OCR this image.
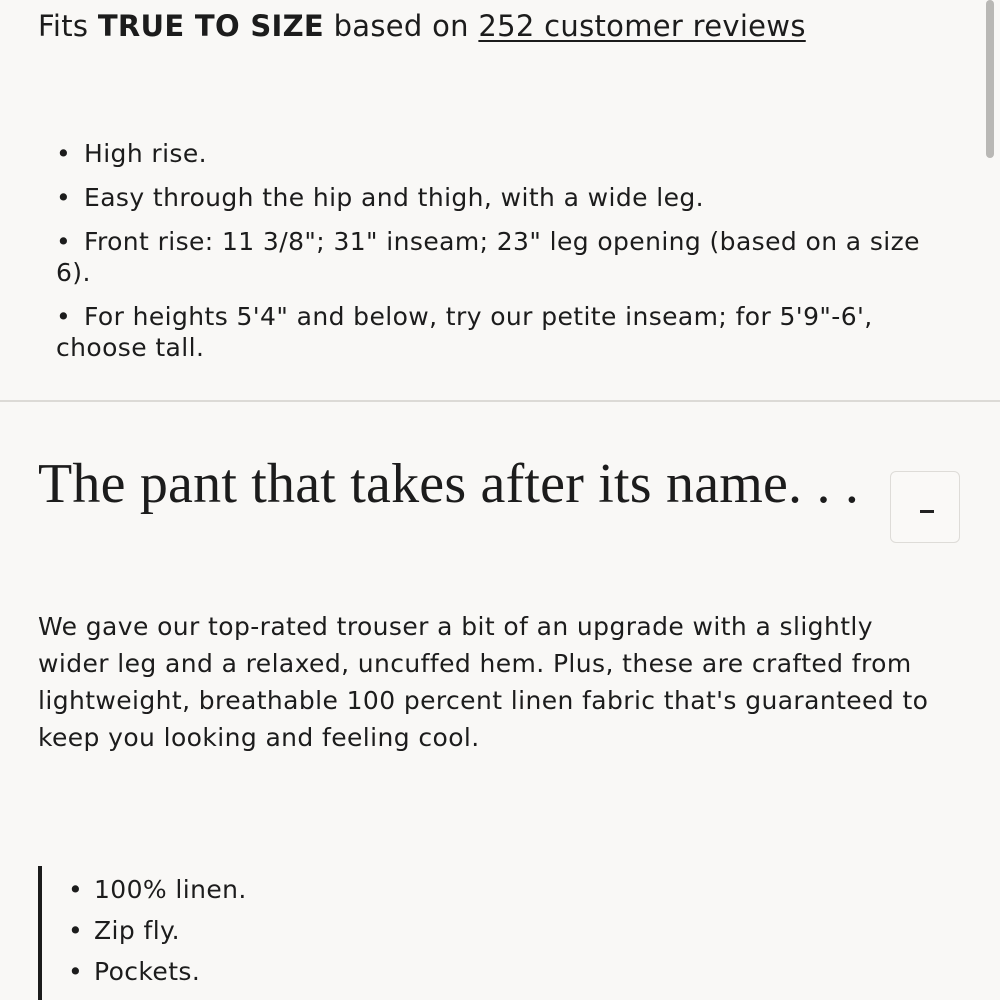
Fits TRUE TO SIZE based on 252 customer reviews
• High rise.
• Easy through the hip and thigh, with a wide leg.
• Front rise: 11 3/8"; 31" inseam; 23" leg opening (based on a size 6).
• For heights 5'4" and below, try our petite inseam; for 5'9"-6', choose tall.
The pant that takes after its name. . .

We gave our top-rated trouser a bit of an upgrade with a slightly wider leg and a relaxed, uncuffed hem. Plus, these are crafted from lightweight, breathable 100 percent linen fabric that's guaranteed to keep you looking and feeling cool.

• 100% linen.
• Zip fly.
• Pockets.
